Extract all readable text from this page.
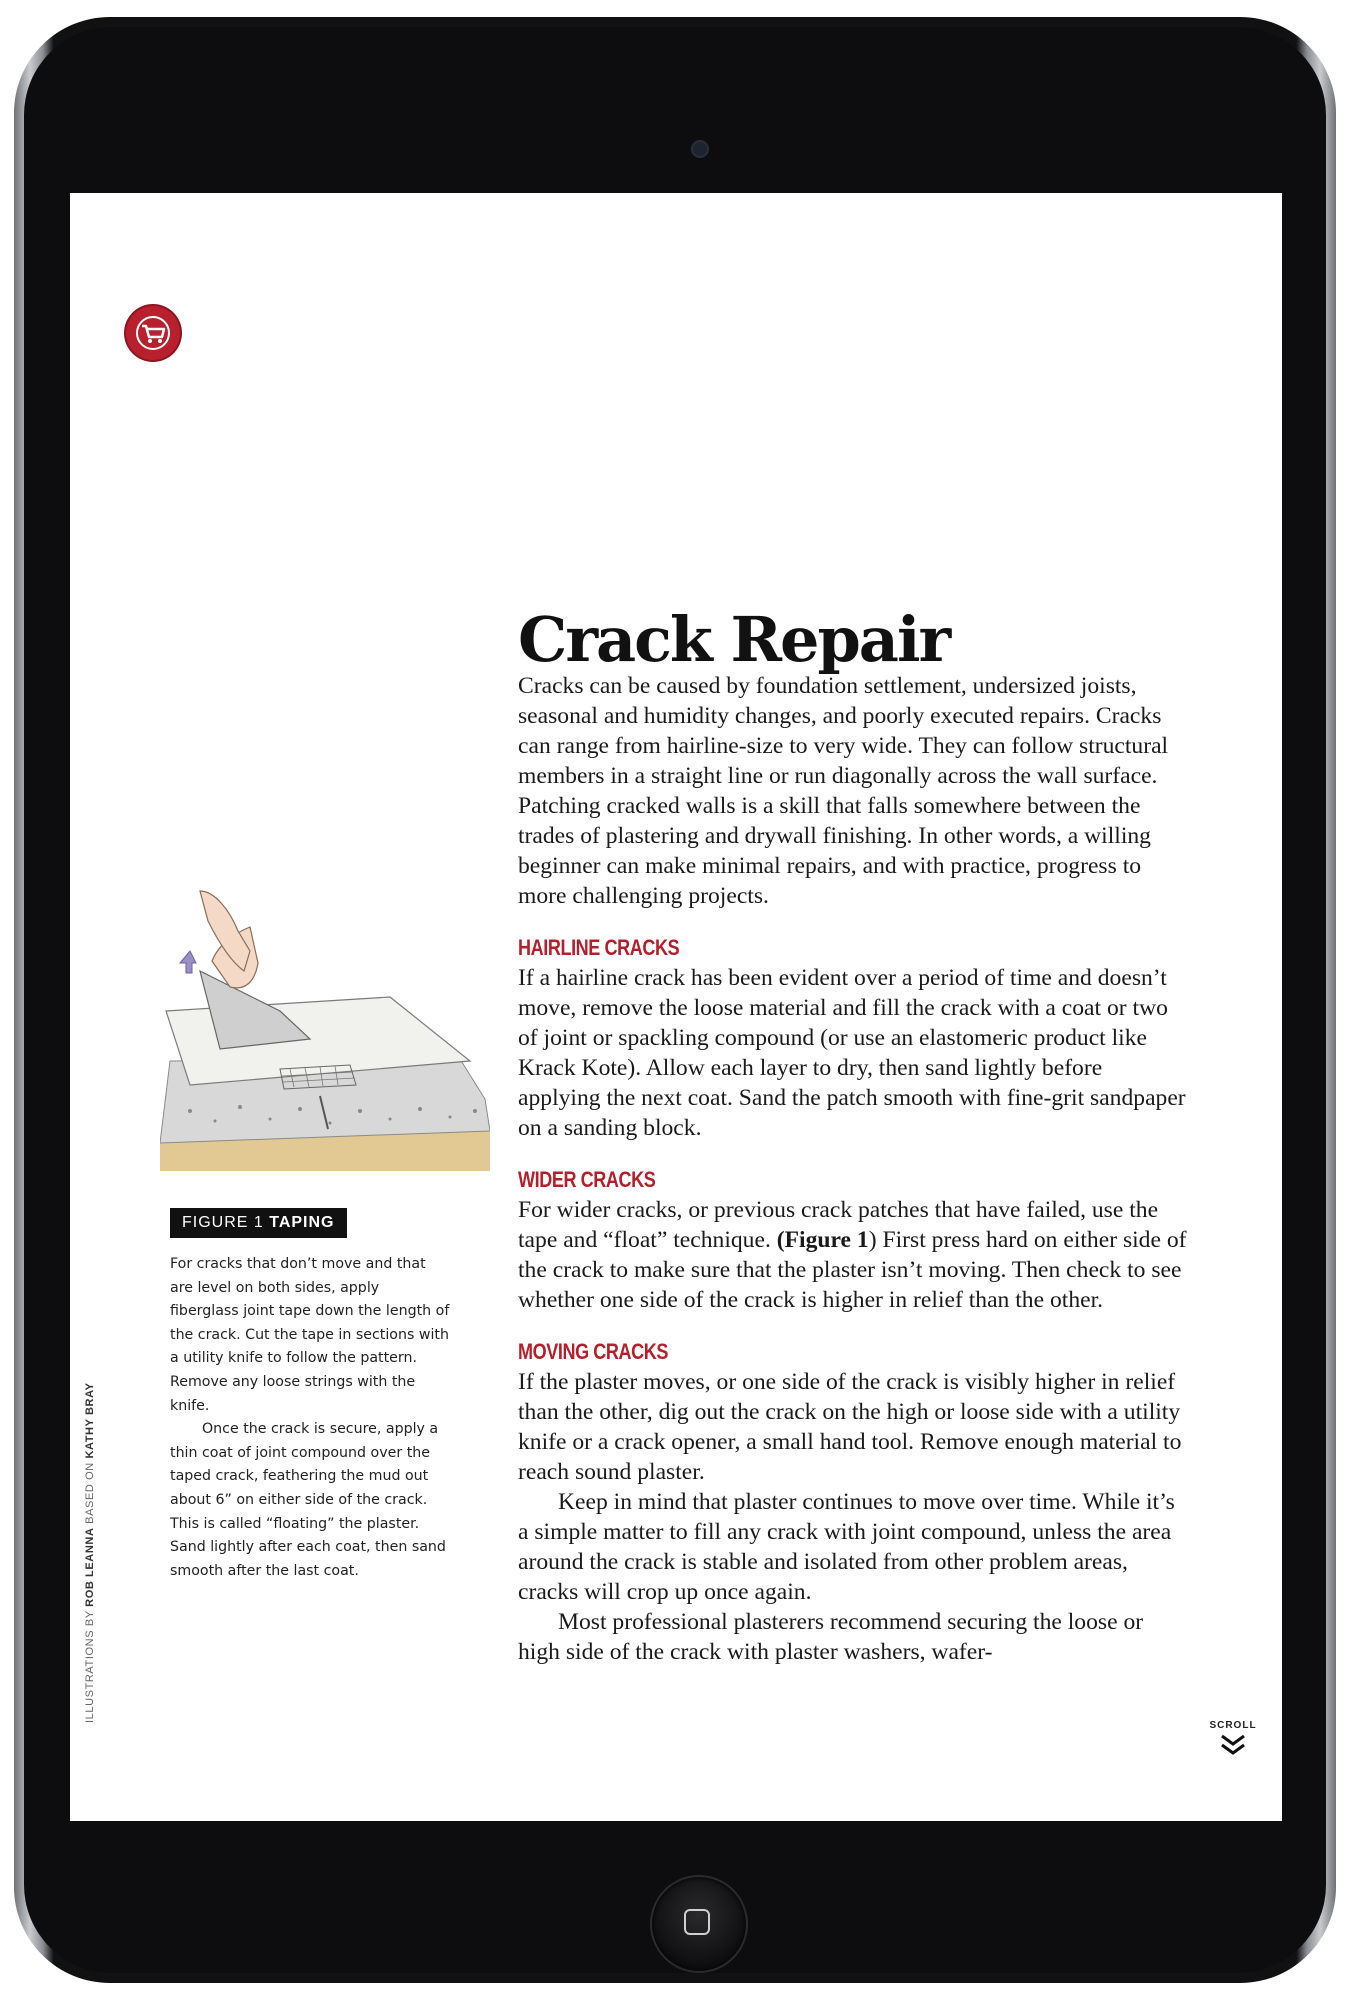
FIGURE 1 TAPING

For cracks that don’t move and that are level on both sides, apply fiberglass joint tape down the length of the crack. Cut the tape in sections with a utility knife to follow the pattern. Remove any loose strings with the knife.

Once the crack is secure, apply a thin coat of joint compound over the taped crack, feathering the mud out about 6” on either side of the crack. This is called “floating” the plaster. Sand lightly after each coat, then sand smooth after the last coat.

ILLUSTRATIONS BY ROB LEANNA BASED ON KATHY BRAY
Crack Repair

Cracks can be caused by foundation settlement, undersized joists, seasonal and humidity changes, and poorly executed repairs. Cracks can range from hairline-size to very wide. They can follow structural members in a straight line or run diagonally across the wall surface. Patching cracked walls is a skill that falls somewhere between the trades of plastering and drywall finishing. In other words, a willing beginner can make minimal repairs, and with practice, progress to more challenging projects.

HAIRLINE CRACKS

If a hairline crack has been evident over a period of time and doesn’t move, remove the loose material and fill the crack with a coat or two of joint or spackling compound (or use an elastomeric product like Krack Kote). Allow each layer to dry, then sand lightly before applying the next coat. Sand the patch smooth with fine-grit sandpaper on a sanding block.

WIDER CRACKS

For wider cracks, or previous crack patches that have failed, use the tape and “float” technique. (Figure 1) First press hard on either side of the crack to make sure that the plaster isn’t moving. Then check to see whether one side of the crack is higher in relief than the other.

MOVING CRACKS

If the plaster moves, or one side of the crack is visibly higher in relief than the other, dig out the crack on the high or loose side with a utility knife or a crack opener, a small hand tool. Remove enough material to reach sound plaster.

Keep in mind that plaster continues to move over time. While it’s a simple matter to fill any crack with joint compound, unless the area around the crack is stable and isolated from other problem areas, cracks will crop up once again.

Most professional plasterers recommend securing the loose or high side of the crack with plaster washers, wafer-

SCROLL
